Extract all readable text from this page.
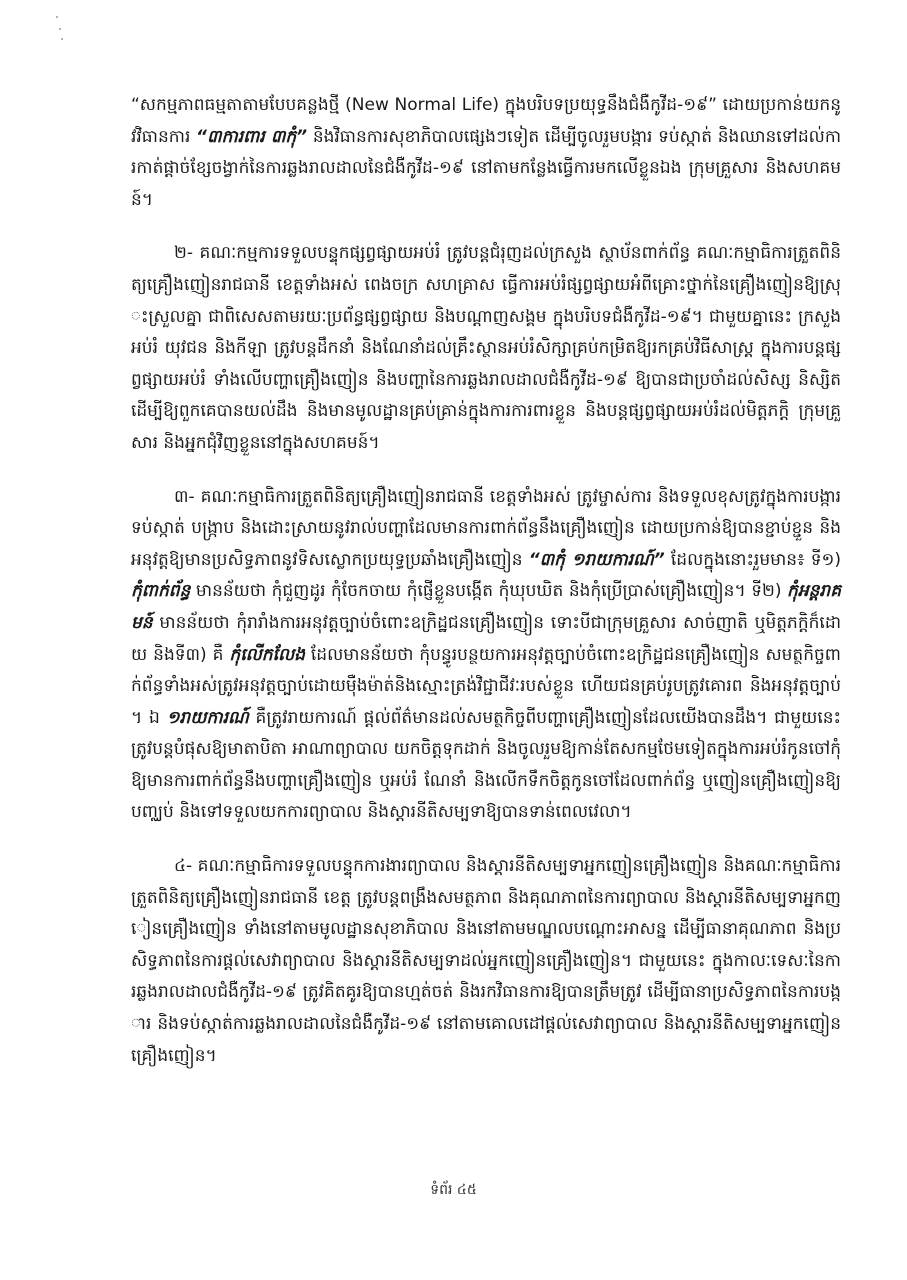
“សកម្មភាពធម្មតាតាមបែបគន្លងថ្មី (New Normal Life) ក្នុងបរិបទប្រយុទ្ធនឹងជំងឺកូវីដ-១៩” ដោយប្រកាន់យកនូវវិធានការ “៣ការពារ ៣កុំ” និងវិធានការសុខាភិបាលផ្សេងៗទៀត ដើម្បីចូលរួមបង្ការ ទប់ស្កាត់ និងឈានទៅដល់ការកាត់ផ្ដាច់ខ្សែចង្វាក់នៃការឆ្លងរាលដាលនៃជំងឺកូវីដ-១៩ នៅតាមកន្លែងធ្វើការមកលើខ្លួនឯង ក្រុមគ្រួសារ និងសហគមន៍។

២- គណៈកម្មការទទួលបន្ទុកផ្សព្វផ្សាយអប់រំ ត្រូវបន្តជំរុញដល់ក្រសួង ស្ថាប័នពាក់ព័ន្ធ គណៈកម្មាធិការត្រួតពិនិត្យគ្រឿងញៀនរាជធានី ខេត្តទាំងអស់ ពេងចក្រ សហគ្រាស ធ្វើការអប់រំផ្សព្វផ្សាយអំពីគ្រោះថ្នាក់នៃគ្រឿងញៀនឱ្យស្រុះស្រួលគ្នា ជាពិសេសតាមរយៈប្រព័ន្ធផ្សព្វផ្សាយ និងបណ្ដាញសង្គម ក្នុងបរិបទជំងឺកូវីដ-១៩។ ជាមួយគ្នានេះ ក្រសួងអប់រំ យុវជន និងកីឡា ត្រូវបន្តដឹកនាំ និងណែនាំដល់គ្រឹះស្ថានអប់រំសិក្សាគ្រប់កម្រិតឱ្យរកគ្រប់វិធីសាស្ត្រ ក្នុងការបន្តផ្សព្វផ្សាយអប់រំ ទាំងលើបញ្ហាគ្រឿងញៀន និងបញ្ហានៃការឆ្លងរាលដាលជំងឺកូវីដ-១៩ ឱ្យបានជាប្រចាំដល់សិស្ស និស្សិត ដើម្បីឱ្យពួកគេបានយល់ដឹង និងមានមូលដ្ឋានគ្រប់គ្រាន់ក្នុងការការពារខ្លួន និងបន្តផ្សព្វផ្សាយអប់រំដល់មិត្តភក្តិ ក្រុមគ្រួសារ និងអ្នកជុំវិញខ្លួននៅក្នុងសហគមន៍។

៣- គណៈកម្មាធិការត្រួតពិនិត្យគ្រឿងញៀនរាជធានី ខេត្តទាំងអស់ ត្រូវម្ចាស់ការ និងទទួលខុសត្រូវក្នុងការបង្ការ ទប់ស្កាត់ បង្ក្រាប និងដោះស្រាយនូវរាល់បញ្ហាដែលមានការពាក់ព័ន្ធនឹងគ្រឿងញៀន ដោយប្រកាន់ឱ្យបានខ្ជាប់ខ្ជួន និងអនុវត្តឱ្យមានប្រសិទ្ធភាពនូវទិសស្លោកប្រយុទ្ធប្រឆាំងគ្រឿងញៀន “៣កុំ ១រាយការណ៍” ដែលក្នុងនោះរួមមាន៖ ទី១) កុំពាក់ព័ន្ធ មានន័យថា កុំជួញដូរ កុំចែកចាយ កុំផ្ញើខ្លួនបង្កើត កុំឃុបឃិត និងកុំប្រើប្រាស់គ្រឿងញៀន។ ទី២) កុំអន្តរាគមន៍ មានន័យថា កុំរារាំងការអនុវត្តច្បាប់ចំពោះឧក្រិដ្ឋជនគ្រឿងញៀន ទោះបីជាក្រុមគ្រួសារ សាច់ញាតិ ឬមិត្តភក្តិក៏ដោយ និងទី៣) គឺ កុំលើកលែង ដែលមានន័យថា កុំបន្ធូរបន្ថយការអនុវត្តច្បាប់ចំពោះឧក្រិដ្ឋជនគ្រឿងញៀន សមត្ថកិច្ចពាក់ព័ន្ធទាំងអស់ត្រូវអនុវត្តច្បាប់ដោយម៉ឺងម៉ាត់និងស្មោះត្រង់វិជ្ជាជីវៈរបស់ខ្លួន ហើយជនគ្រប់រូបត្រូវគោរព និងអនុវត្តច្បាប់។ ឯ ១រាយការណ៍ គឺត្រូវរាយការណ៍ ផ្ដល់ព័ត៌មានដល់សមត្ថកិច្ចពីបញ្ហាគ្រឿងញៀនដែលយើងបានដឹង។ ជាមួយនេះ ត្រូវបន្តបំផុសឱ្យមាតាបិតា អាណាព្យាបាល យកចិត្តទុកដាក់ និងចូលរួមឱ្យកាន់តែសកម្មថែមទៀតក្នុងការអប់រំកូនចៅកុំឱ្យមានការពាក់ព័ន្ធនឹងបញ្ហាគ្រឿងញៀន ឬអប់រំ ណែនាំ និងលើកទឹកចិត្តកូនចៅដែលពាក់ព័ន្ធ ឬញៀនគ្រឿងញៀនឱ្យបញ្ឈប់ និងទៅទទួលយកការព្យាបាល និងស្ដារនីតិសម្បទាឱ្យបានទាន់ពេលវេលា។

៤- គណៈកម្មាធិការទទួលបន្ទុកការងារព្យាបាល និងស្ដារនីតិសម្បទាអ្នកញៀនគ្រឿងញៀន និងគណៈកម្មាធិការត្រួតពិនិត្យគ្រឿងញៀនរាជធានី ខេត្ត ត្រូវបន្តពង្រឹងសមត្ថភាព និងគុណភាពនៃការព្យាបាល និងស្ដារនីតិសម្បទាអ្នកញៀនគ្រឿងញៀន ទាំងនៅតាមមូលដ្ឋានសុខាភិបាល និងនៅតាមមណ្ឌលបណ្ដោះអាសន្ន ដើម្បីធានាគុណភាព និងប្រសិទ្ធភាពនៃការផ្ដល់សេវាព្យាបាល និងស្ដារនីតិសម្បទាដល់អ្នកញៀនគ្រឿងញៀន។ ជាមួយនេះ ក្នុងកាលៈទេសៈនៃការឆ្លងរាលដាលជំងឺកូវីដ-១៩ ត្រូវគិតគូរឱ្យបានហ្មត់ចត់ និងរកវិធានការឱ្យបានត្រឹមត្រូវ ដើម្បីធានាប្រសិទ្ធភាពនៃការបង្ការ និងទប់ស្កាត់ការឆ្លងរាលដាលនៃជំងឺកូវីដ-១៩ នៅតាមគោលដៅផ្ដល់សេវាព្យាបាល និងស្ដារនីតិសម្បទាអ្នកញៀនគ្រឿងញៀន។

ទំព័រ ៤៥
